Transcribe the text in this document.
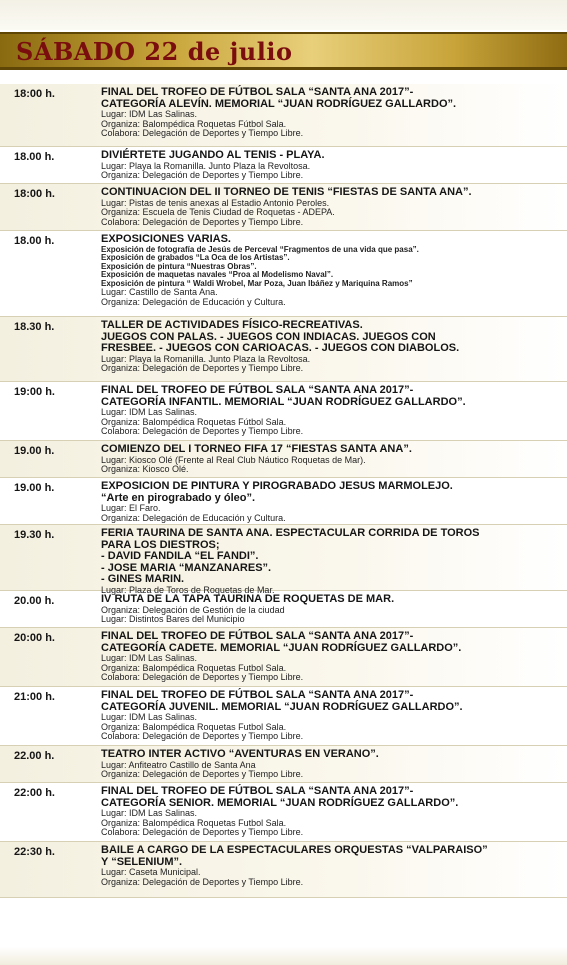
SÁBADO 22 de julio
18:00 h.	FINAL DEL TROFEO DE FÚTBOL SALA “SANTA ANA 2017”-
CATEGORÍA ALEVÍN. MEMORIAL “JUAN RODRÍGUEZ GALLARDO”.
Lugar: IDM Las Salinas.
Organiza: Balompédica Roquetas Fútbol Sala.
Colabora: Delegación de Deportes y Tiempo Libre.
18.00 h.	DIVIÉRTETE JUGANDO AL TENIS - PLAYA.
Lugar: Playa la Romanilla. Junto Plaza la Revoltosa.
Organiza: Delegación de Deportes y Tiempo Libre.
18:00 h.	CONTINUACION DEL II TORNEO DE TENIS “FIESTAS DE SANTA ANA”.
Lugar: Pistas de tenis anexas al Estadio Antonio Peroles.
Organiza: Escuela de Tenis Ciudad de Roquetas - ADEPA.
Colabora: Delegación de Deportes y Tiempo Libre.
18.00 h.	EXPOSICIONES VARIAS.
Exposición de fotografía de Jesús de Perceval “Fragmentos de una vida que pasa”.
Exposición de grabados “La Oca de los Artistas”.
Exposición de pintura “Nuestras Obras”.
Exposición de maquetas navales “Proa al Modelismo Naval”.
Exposición de pintura “ Waldi Wrobel, Mar Poza, Juan Ibáñez y Mariquina Ramos”
Lugar: Castillo de Santa Ana.
Organiza: Delegación de Educación y Cultura.
18.30 h.	TALLER DE ACTIVIDADES FÍSICO-RECREATIVAS.
JUEGOS CON PALAS. - JUEGOS CON INDIACAS. JUEGOS CON
FRESBEE. - JUEGOS CON CARIOACAS. - JUEGOS CON DIABOLOS.
Lugar: Playa la Romanilla. Junto Plaza la Revoltosa.
Organiza: Delegación de Deportes y Tiempo Libre.
19:00 h.	FINAL DEL TROFEO DE FÚTBOL SALA “SANTA ANA 2017”-
CATEGORÍA INFANTIL. MEMORIAL “JUAN RODRÍGUEZ GALLARDO”.
Lugar: IDM Las Salinas.
Organiza: Balompédica Roquetas Fútbol Sala.
Colabora: Delegación de Deportes y Tiempo Libre.
19.00 h.	COMIENZO DEL I TORNEO FIFA 17 “FIESTAS SANTA ANA”.
Lugar: Kiosco Olé (Frente al Real Club Náutico Roquetas de Mar).
Organiza: Kiosco Olé.
19.00 h.	EXPOSICION DE PINTURA Y PIROGRABADO JESUS MARMOLEJO.
“Arte en pirograbado y óleo”.
Lugar: El Faro.
Organiza: Delegación de Educación y Cultura.
19.30 h.	FERIA TAURINA DE SANTA ANA. ESPECTACULAR CORRIDA DE TOROS
PARA LOS DIESTROS;
- DAVID FANDILA “EL FANDI”.
- JOSE MARIA “MANZANARES”.
- GINES MARIN.
Lugar: Plaza de Toros de Roquetas de Mar.
20.00 h.	IV RUTA DE LA TAPA TAURINA DE ROQUETAS DE MAR.
Organiza: Delegación de Gestión de la ciudad
Lugar: Distintos Bares del Municipio
20:00 h.	FINAL DEL TROFEO DE FÚTBOL SALA “SANTA ANA 2017”-
CATEGORÍA CADETE. MEMORIAL “JUAN RODRÍGUEZ GALLARDO”.
Lugar: IDM Las Salinas.
Organiza: Balompédica Roquetas Futbol Sala.
Colabora: Delegación de Deportes y Tiempo Libre.
21:00 h.	FINAL DEL TROFEO DE FÚTBOL SALA “SANTA ANA 2017”-
CATEGORÍA JUVENIL. MEMORIAL “JUAN RODRÍGUEZ GALLARDO”.
Lugar: IDM Las Salinas.
Organiza: Balompédica Roquetas Futbol Sala.
Colabora: Delegación de Deportes y Tiempo Libre.
22.00 h.	TEATRO INTER ACTIVO “AVENTURAS EN VERANO”.
Lugar: Anfiteatro Castillo de Santa Ana
Organiza: Delegación de Deportes y Tiempo Libre.
22:00 h.	FINAL DEL TROFEO DE FÚTBOL SALA “SANTA ANA 2017”-
CATEGORÍA SENIOR. MEMORIAL “JUAN RODRÍGUEZ GALLARDO”.
Lugar: IDM Las Salinas.
Organiza: Balompédica Roquetas Futbol Sala.
Colabora: Delegación de Deportes y Tiempo Libre.
22:30 h.	BAILE A CARGO DE LA ESPECTACULARES ORQUESTAS “VALPARAISO”
Y “SELENIUM”.
Lugar: Caseta Municipal.
Organiza: Delegación de Deportes y Tiempo Libre.
